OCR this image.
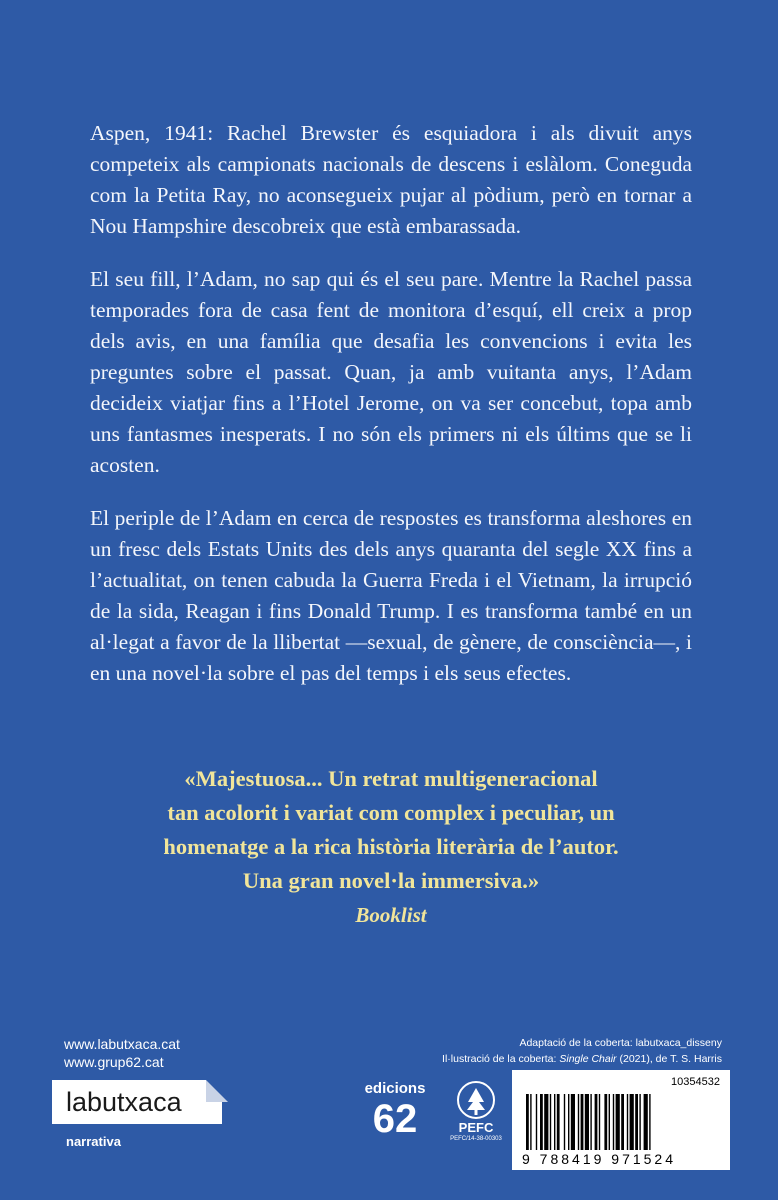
Aspen, 1941: Rachel Brewster és esquiadora i als divuit anys competeix als campionats nacionals de descens i eslàlom. Coneguda com la Petita Ray, no aconsegueix pujar al pòdium, però en tornar a Nou Hampshire descobreix que està embarassada.

El seu fill, l’Adam, no sap qui és el seu pare. Mentre la Rachel passa temporades fora de casa fent de monitora d’esquí, ell creix a prop dels avis, en una família que desafia les convencions i evita les preguntes sobre el passat. Quan, ja amb vuitanta anys, l’Adam decideix viatjar fins a l’Hotel Jerome, on va ser concebut, topa amb uns fantasmes inesperats. I no són els primers ni els últims que se li acosten.

El periple de l’Adam en cerca de respostes es transforma aleshores en un fresc dels Estats Units des dels anys quaranta del segle XX fins a l’actualitat, on tenen cabuda la Guerra Freda i el Vietnam, la irrupció de la sida, Reagan i fins Donald Trump. I es transforma també en un al·legat a favor de la llibertat —sexual, de gènere, de consciència—, i en una novel·la sobre el pas del temps i els seus efectes.

«Majestuosa... Un retrat multigeneracional
tan acolorit i variat com complex i peculiar, un
homenatge a la rica història literària de l’autor.
Una gran novel·la immersiva.»
Booklist
www.labutxaca.cat
www.grup62.cat
labutxaca
narrativa
edicions
62	PEFC
PEFC/14-38-00303
Adaptació de la coberta: labutxaca_disseny
Il·lustració de la coberta: Single Chair (2021), de T. S. Harris
10354532
9 788419 971524
